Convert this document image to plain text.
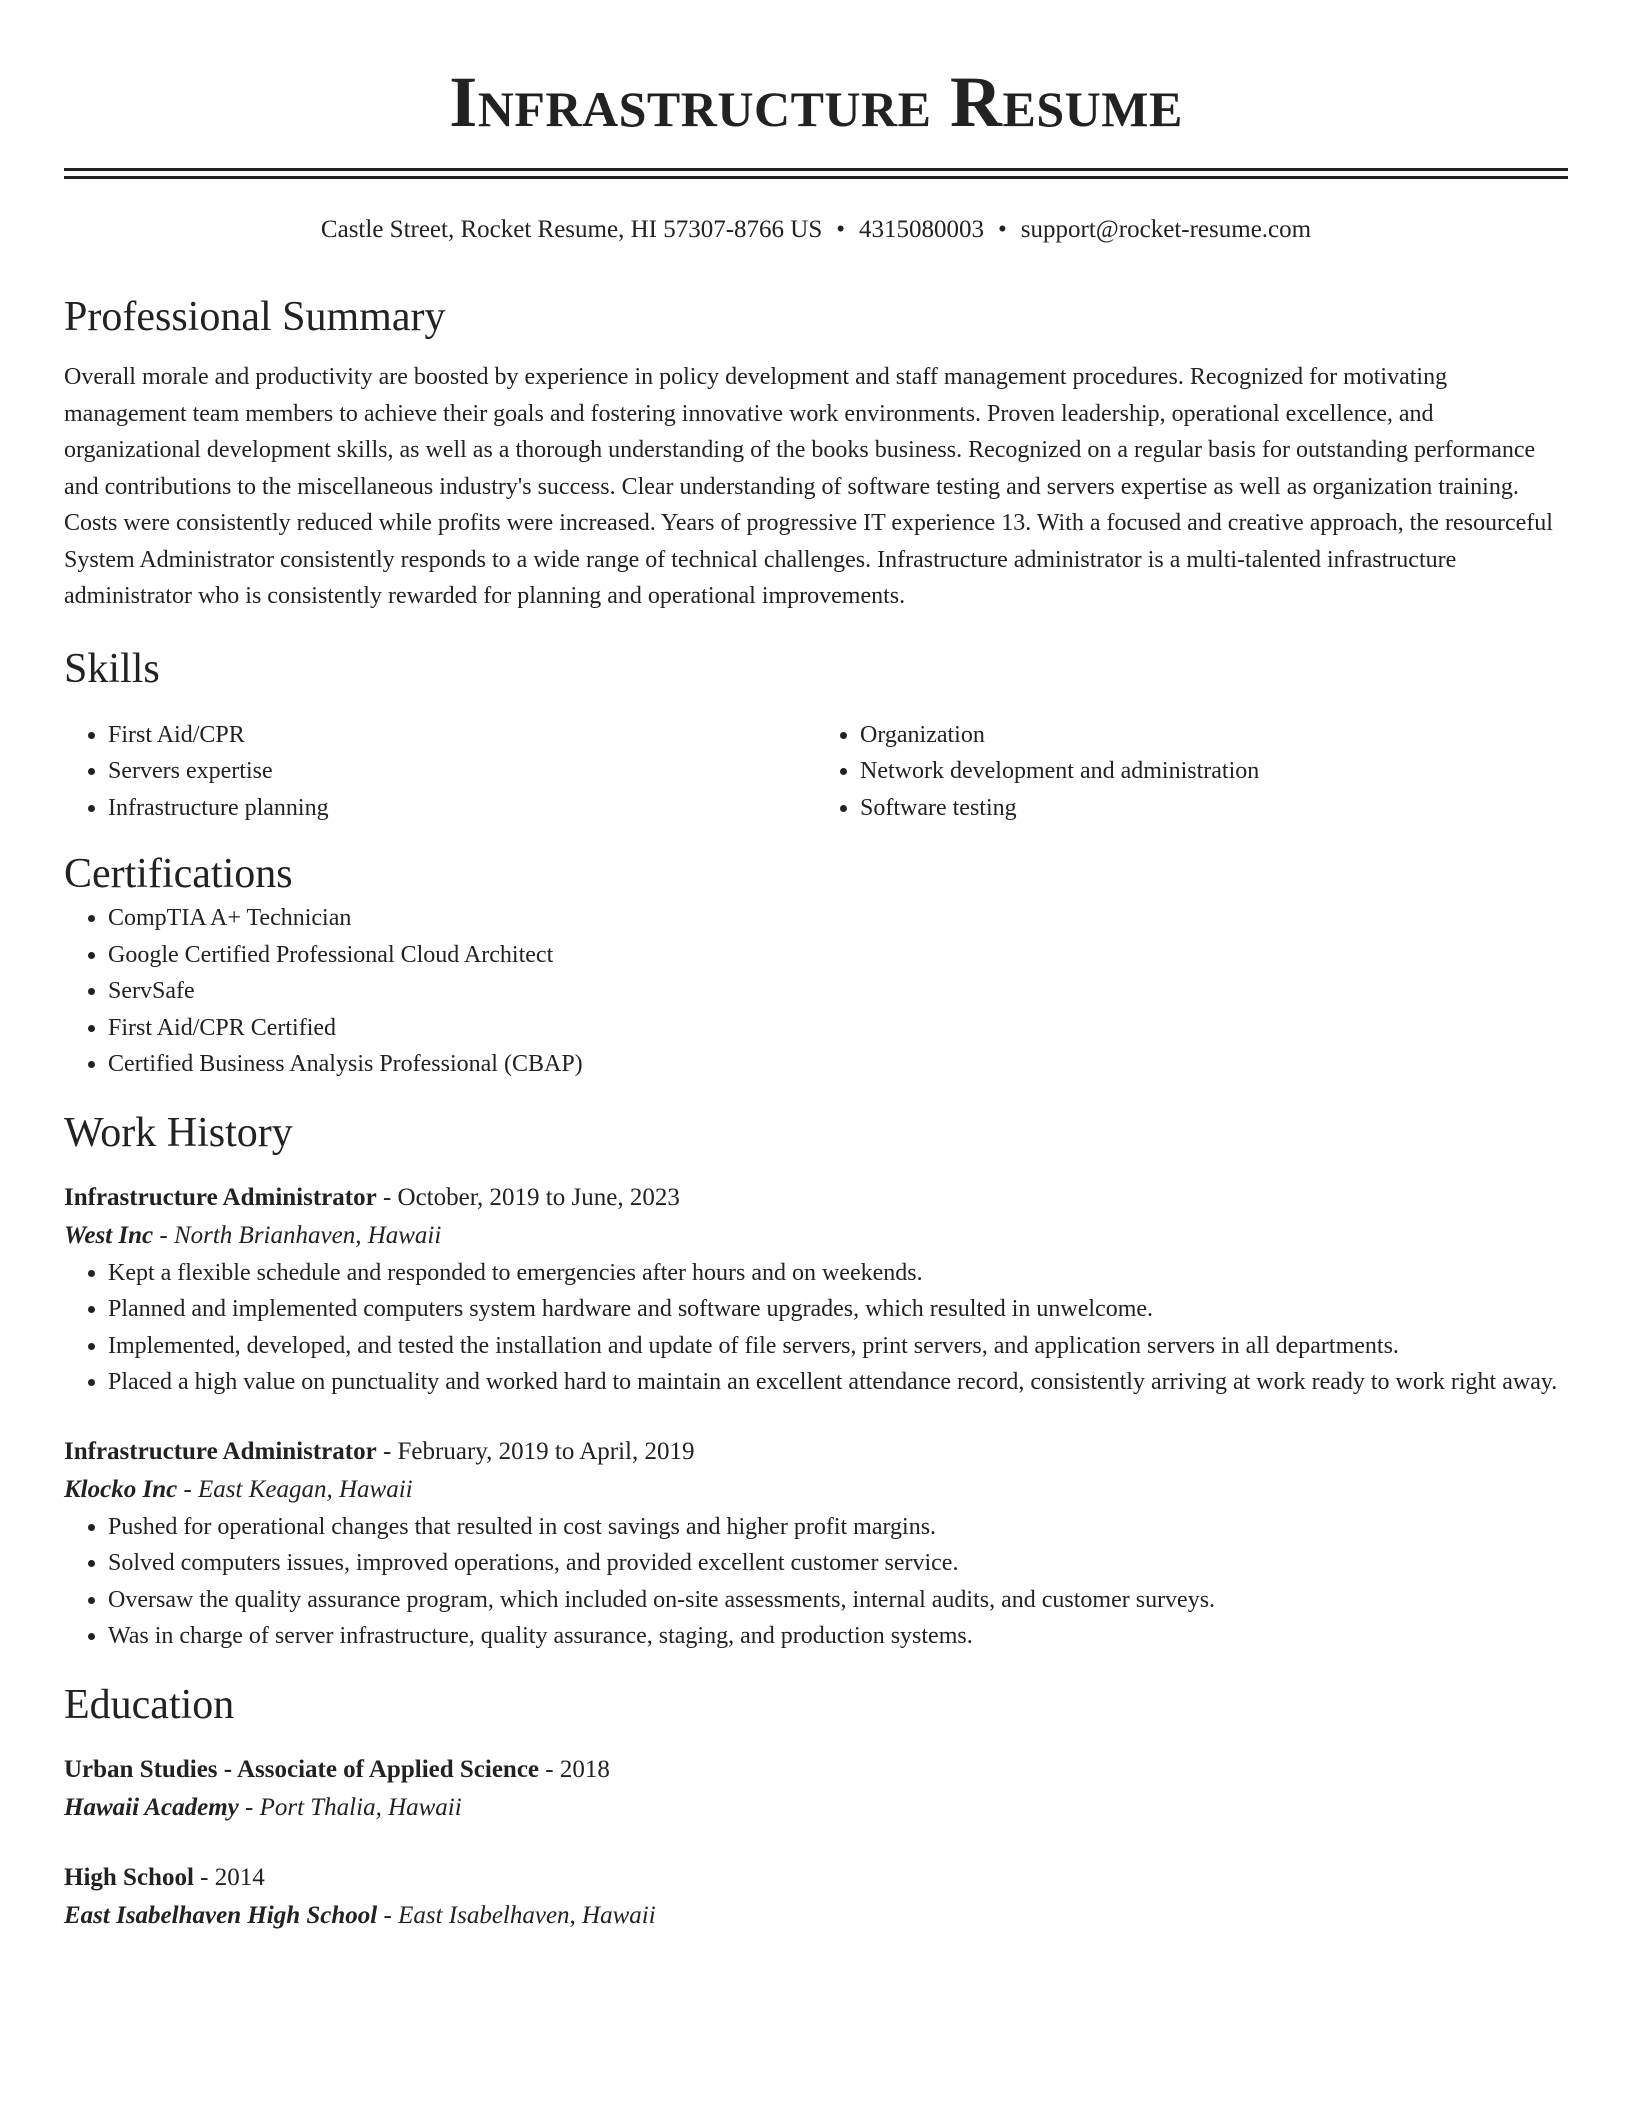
Infrastructure Resume
Castle Street, Rocket Resume, HI 57307-8766 US • 4315080003 • support@rocket-resume.com
Professional Summary

Overall morale and productivity are boosted by experience in policy development and staff management procedures. Recognized for motivating management team members to achieve their goals and fostering innovative work environments. Proven leadership, operational excellence, and organizational development skills, as well as a thorough understanding of the books business. Recognized on a regular basis for outstanding performance and contributions to the miscellaneous industry's success. Clear understanding of software testing and servers expertise as well as organization training. Costs were consistently reduced while profits were increased. Years of progressive IT experience 13. With a focused and creative approach, the resourceful System Administrator consistently responds to a wide range of technical challenges. Infrastructure administrator is a multi-talented infrastructure administrator who is consistently rewarded for planning and operational improvements.

Skills
• First Aid/CPR
• Servers expertise
• Infrastructure planning
• Organization
• Network development and administration
• Software testing
Certifications
• CompTIA A+ Technician
• Google Certified Professional Cloud Architect
• ServSafe
• First Aid/CPR Certified
• Certified Business Analysis Professional (CBAP)
Work History
Infrastructure Administrator - October, 2019 to June, 2023
West Inc - North Brianhaven, Hawaii
• Kept a flexible schedule and responded to emergencies after hours and on weekends.
• Planned and implemented computers system hardware and software upgrades, which resulted in unwelcome.
• Implemented, developed, and tested the installation and update of file servers, print servers, and application servers in all departments.
• Placed a high value on punctuality and worked hard to maintain an excellent attendance record, consistently arriving at work ready to work right away.
Infrastructure Administrator - February, 2019 to April, 2019
Klocko Inc - East Keagan, Hawaii
• Pushed for operational changes that resulted in cost savings and higher profit margins.
• Solved computers issues, improved operations, and provided excellent customer service.
• Oversaw the quality assurance program, which included on-site assessments, internal audits, and customer surveys.
• Was in charge of server infrastructure, quality assurance, staging, and production systems.
Education
Urban Studies - Associate of Applied Science - 2018
Hawaii Academy - Port Thalia, Hawaii
High School - 2014
East Isabelhaven High School - East Isabelhaven, Hawaii
